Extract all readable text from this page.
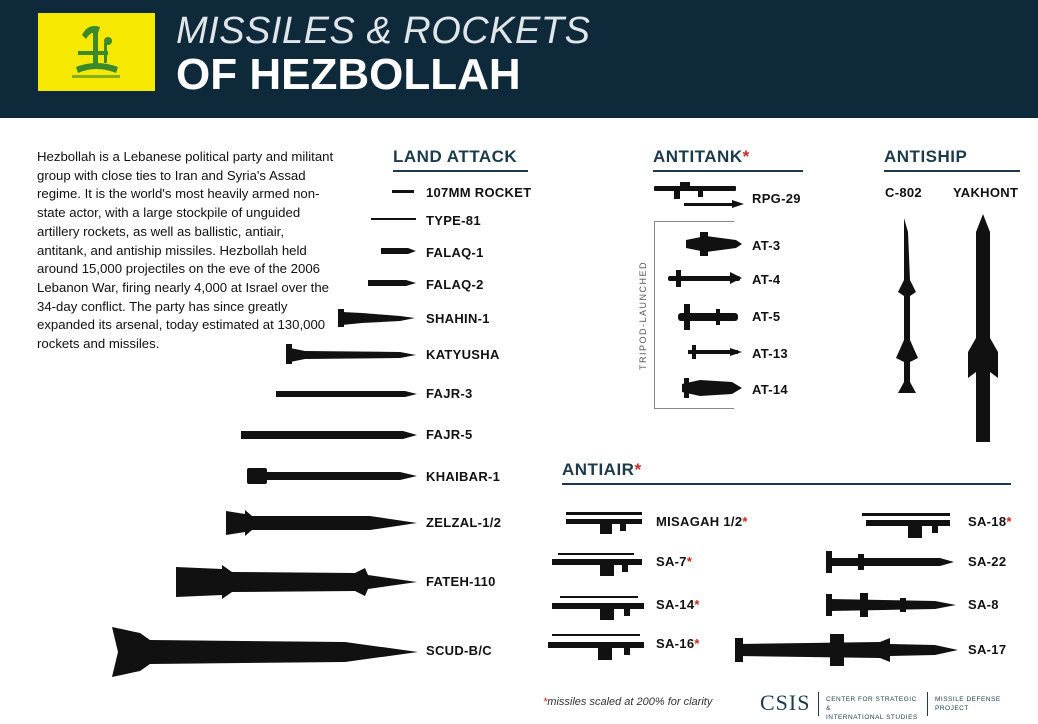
MISSILES & ROCKETS
OF HEZBOLLAH
Hezbollah is a Lebanese political party and militant group with close ties to Iran and Syria's Assad regime. It is the world's most heavily armed non-state actor, with a large stockpile of unguided artillery rockets, as well as ballistic, antiair, antitank, and antiship missiles. Hezbollah held around 15,000 projectiles on the eve of the 2006 Lebanon War, firing nearly 4,000 at Israel over the 34-day conflict. The party has since greatly expanded its arsenal, today estimated at 130,000 rockets and missiles.
LAND ATTACK	ANTITANK*	ANTISHIP
ANTIAIR*
107MM ROCKET
TYPE-81
FALAQ-1
FALAQ-2
SHAHIN-1
KATYUSHA
FAJR-3
FAJR-5
KHAIBAR-1
ZELZAL-1/2
FATEH-110
SCUD-B/C
RPG-29
AT-3
AT-4
AT-5
AT-13
AT-14
TRIPOD-LAUNCHED
C-802 YAKHONT
MISAGAH 1/2*
SA-7*
SA-14*
SA-16*
SA-18*
SA-22
SA-8
SA-17
*missiles scaled at 200% for clarity CSIS CENTER FOR STRATEGIC &
INTERNATIONAL STUDIES
MISSILE DEFENSE
PROJECT
